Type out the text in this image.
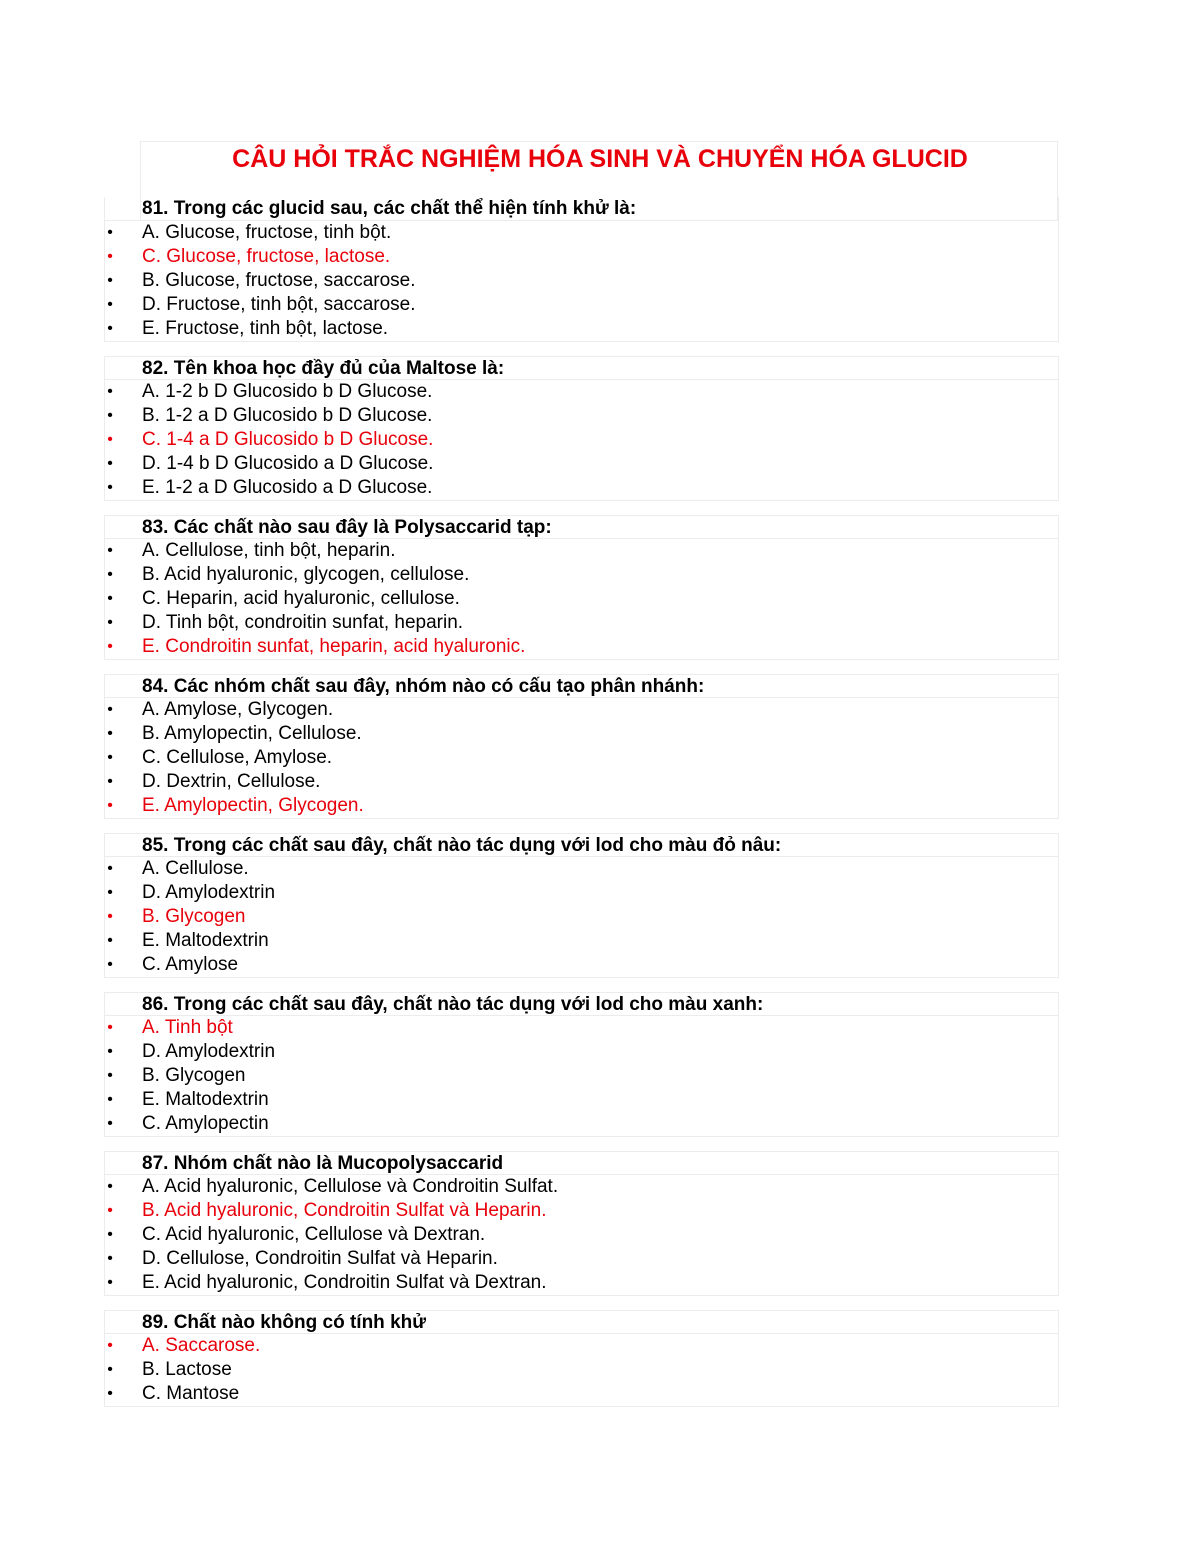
CÂU HỎI TRẮC NGHIỆM HÓA SINH VÀ CHUYỂN HÓA GLUCID
81. Trong các glucid sau, các chất thể hiện tính khử là:
• A. Glucose, fructose, tinh bột.
• C. Glucose, fructose, lactose.
• B. Glucose, fructose, saccarose.
• D. Fructose, tinh bột, saccarose.
• E. Fructose, tinh bột, lactose.
82. Tên khoa học đầy đủ của Maltose là:
• A. 1-2 b D Glucosido b D Glucose.
• B. 1-2 a D Glucosido b D Glucose.
• C. 1-4 a D Glucosido b D Glucose.
• D. 1-4 b D Glucosido a D Glucose.
• E. 1-2 a D Glucosido a D Glucose.
83. Các chất nào sau đây là Polysaccarid tạp:
• A. Cellulose, tinh bột, heparin.
• B. Acid hyaluronic, glycogen, cellulose.
• C. Heparin, acid hyaluronic, cellulose.
• D. Tinh bột, condroitin sunfat, heparin.
• E. Condroitin sunfat, heparin, acid hyaluronic.
84. Các nhóm chất sau đây, nhóm nào có cấu tạo phân nhánh:
• A. Amylose, Glycogen.
• B. Amylopectin, Cellulose.
• C. Cellulose, Amylose.
• D. Dextrin, Cellulose.
• E. Amylopectin, Glycogen.
85. Trong các chất sau đây, chất nào tác dụng với lod cho màu đỏ nâu:
• A. Cellulose.
• D. Amylodextrin
• B. Glycogen
• E. Maltodextrin
• C. Amylose
86. Trong các chất sau đây, chất nào tác dụng với lod cho màu xanh:
• A. Tinh bột
• D. Amylodextrin
• B. Glycogen
• E. Maltodextrin
• C. Amylopectin
87. Nhóm chất nào là Mucopolysaccarid
• A. Acid hyaluronic, Cellulose và Condroitin Sulfat.
• B. Acid hyaluronic, Condroitin Sulfat và Heparin.
• C. Acid hyaluronic, Cellulose và Dextran.
• D. Cellulose, Condroitin Sulfat và Heparin.
• E. Acid hyaluronic, Condroitin Sulfat và Dextran.
89. Chất nào không có tính khử
• A. Saccarose.
• B. Lactose
• C. Mantose
